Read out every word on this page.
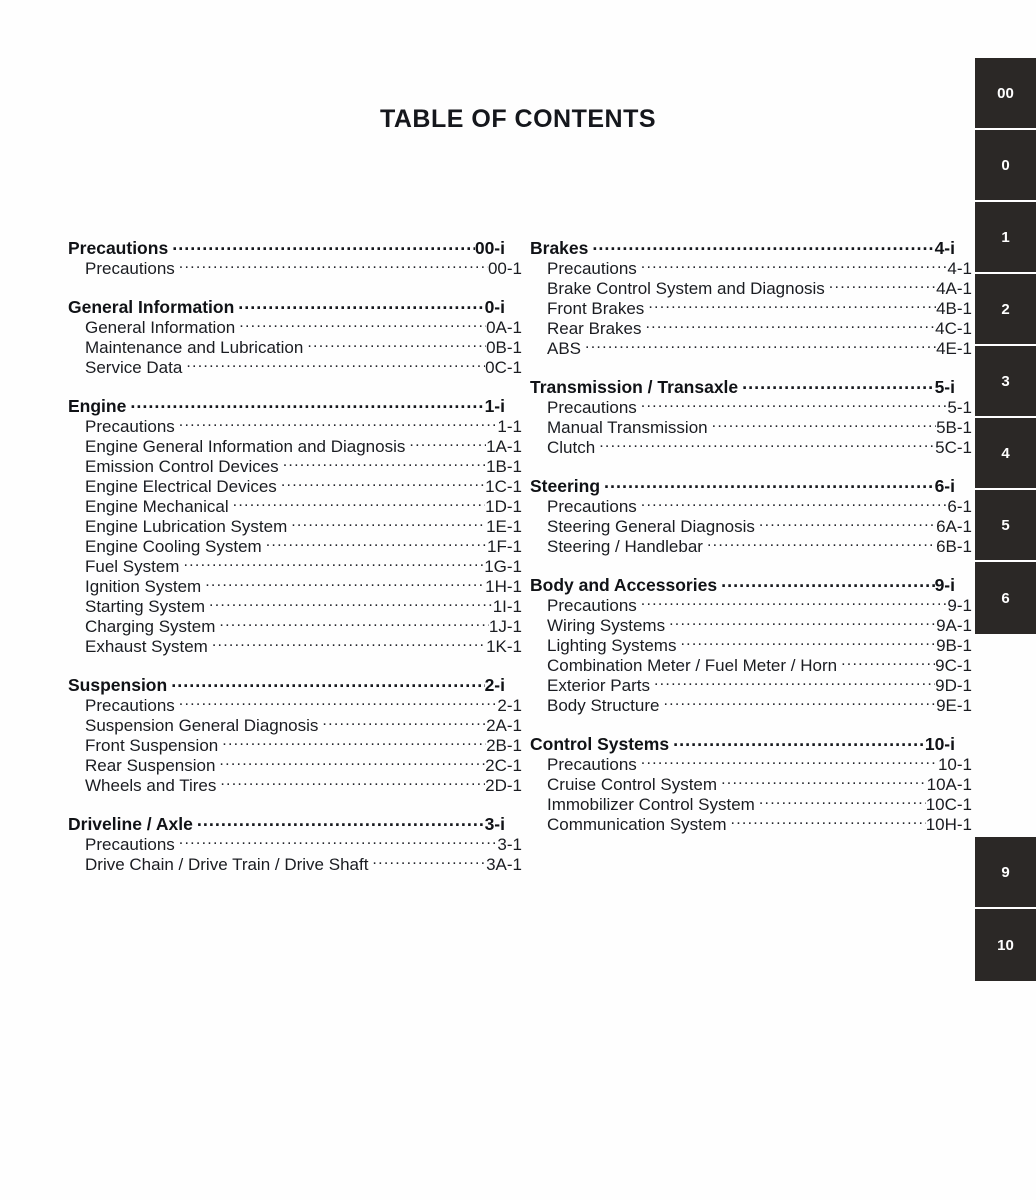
TABLE OF CONTENTS
Precautions .....	00-i
Precautions .....	00-1
General Information .....	0-i
General Information .....	0A-1
Maintenance and Lubrication .....	0B-1
Service Data .....	0C-1
Engine .....	1-i
Precautions .....	1-1
Engine General Information and Diagnosis .....	1A-1
Emission Control Devices .....	1B-1
Engine Electrical Devices .....	1C-1
Engine Mechanical .....	1D-1
Engine Lubrication System .....	1E-1
Engine Cooling System .....	1F-1
Fuel System .....	1G-1
Ignition System .....	1H-1
Starting System .....	1I-1
Charging System .....	1J-1
Exhaust System .....	1K-1
Suspension .....	2-i
Precautions .....	2-1
Suspension General Diagnosis .....	2A-1
Front Suspension .....	2B-1
Rear Suspension .....	2C-1
Wheels and Tires .....	2D-1
Driveline / Axle .....	3-i
Precautions .....	3-1
Drive Chain / Drive Train / Drive Shaft .....	3A-1
Brakes .....	4-i
Precautions .....	4-1
Brake Control System and Diagnosis .....	4A-1
Front Brakes .....	4B-1
Rear Brakes .....	4C-1
ABS .....	4E-1
Transmission / Transaxle .....	5-i
Precautions .....	5-1
Manual Transmission .....	5B-1
Clutch .....	5C-1
Steering .....	6-i
Precautions .....	6-1
Steering General Diagnosis .....	6A-1
Steering / Handlebar .....	6B-1
Body and Accessories .....	9-i
Precautions .....	9-1
Wiring Systems .....	9A-1
Lighting Systems .....	9B-1
Combination Meter / Fuel Meter / Horn .....	9C-1
Exterior Parts .....	9D-1
Body Structure .....	9E-1
Control Systems .....	10-i
Precautions .....	10-1
Cruise Control System .....	10A-1
Immobilizer Control System .....	10C-1
Communication System .....	10H-1
00
0
1
2
3
4
5
6
9
10
